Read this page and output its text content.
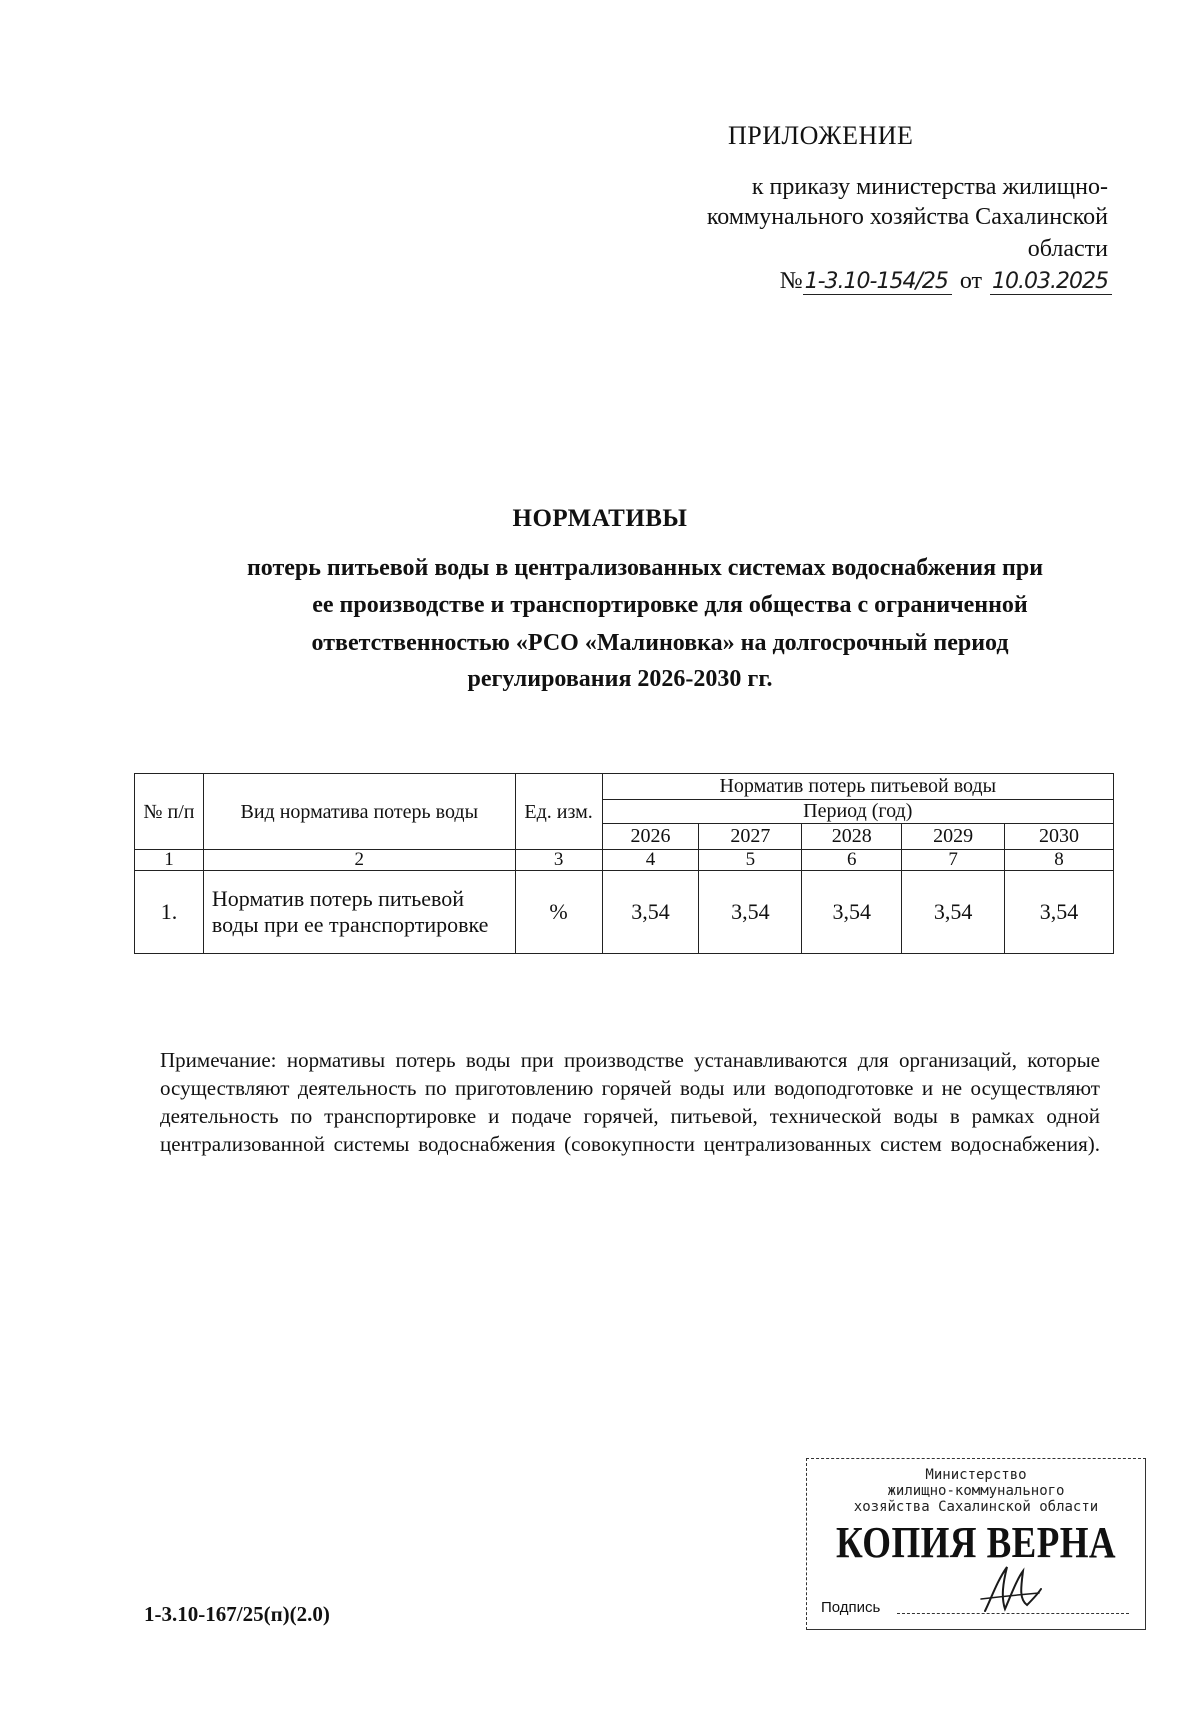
ПРИЛОЖЕНИЕ
к приказу министерства жилищно-
коммунального хозяйства Сахалинской
области
№ 1-3.10-154/25 от 10.03.2025
НОРМАТИВЫ
потерь питьевой воды в централизованных системах водоснабжения при
ее производстве и транспортировке для общества с ограниченной
ответственностью «РСО «Малиновка» на долгосрочный период
регулирования 2026-2030 гг.
№ п/п	Вид норматива потерь воды	Ед. изм.	Норматив потерь питьевой воды				
			Период (год)				
			2026	2027	2028	2029	2030
1	2	3	4	5	6	7	8
1.	Норматив потерь питьевой воды при ее транспортировке	%	3,54	3,54	3,54	3,54	3,54
Примечание: нормативы потерь воды при производстве устанавливаются для организаций, которые осуществляют деятельность по приготовлению горячей воды или водоподготовке и не осуществляют деятельность по транспортировке и подаче горячей, питьевой, технической воды в рамках одной централизованной системы водоснабжения (совокупности централизованных систем водоснабжения).
1-3.10-167/25(п)(2.0)
Министерство
жилищно-коммунального
хозяйства Сахалинской области
КОПИЯ ВЕРНА
Подпись
